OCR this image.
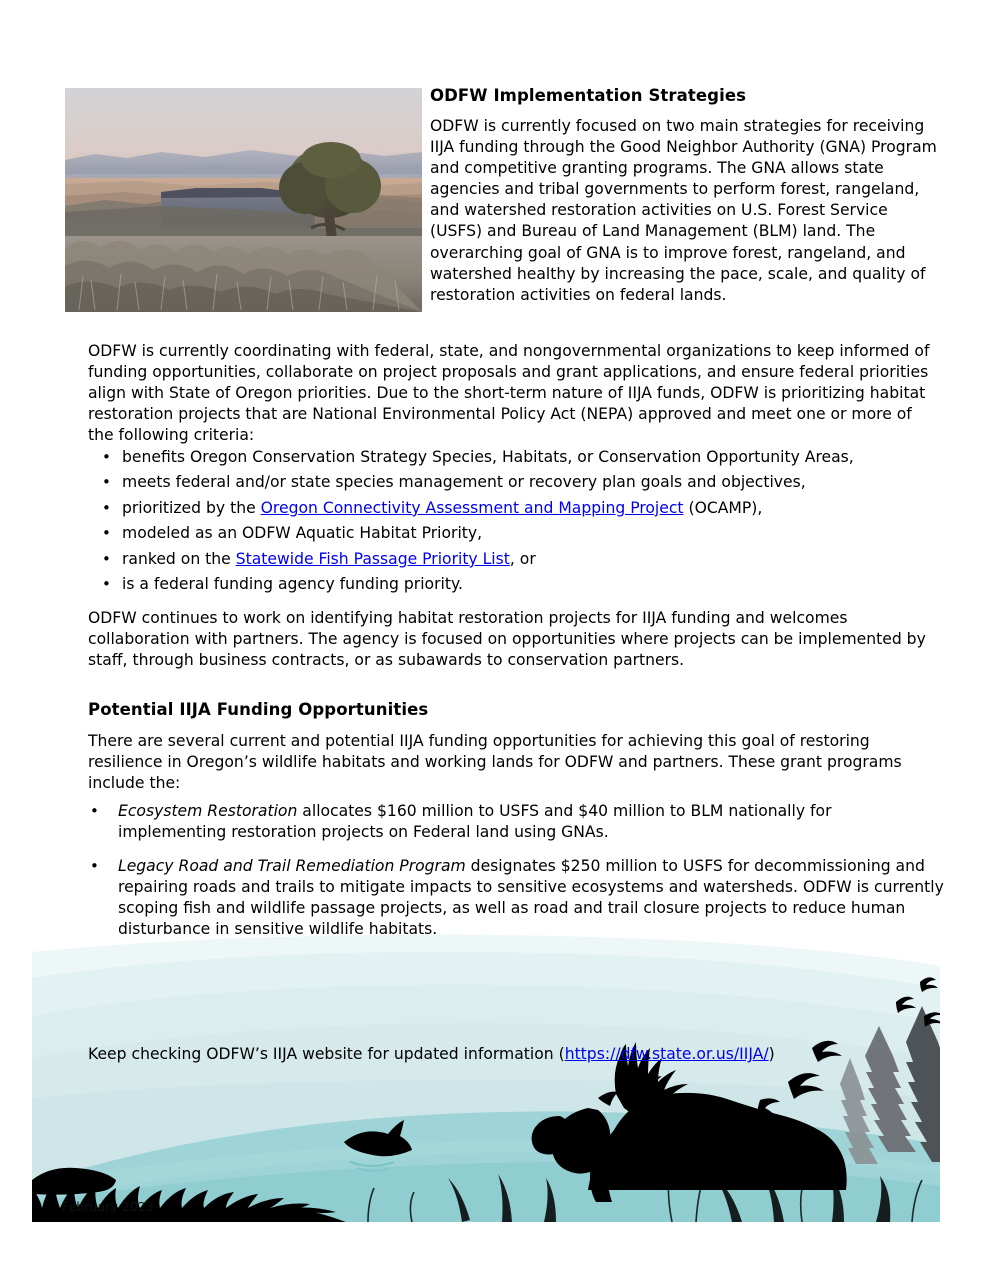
ODFW Implementation Strategies
ODFW is currently focused on two main strategies for receiving IIJA funding through the Good Neighbor Authority (GNA) Program and competitive granting programs. The GNA allows state agencies and tribal governments to perform forest, rangeland, and watershed restoration activities on U.S. Forest Service (USFS) and Bureau of Land Management (BLM) land. The overarching goal of GNA is to improve forest, rangeland, and watershed healthy by increasing the pace, scale, and quality of restoration activities on federal lands.
ODFW is currently coordinating with federal, state, and nongovernmental organizations to keep informed of funding opportunities, collaborate on project proposals and grant applications, and ensure federal priorities align with State of Oregon priorities. Due to the short-term nature of IIJA funds, ODFW is prioritizing habitat restoration projects that are National Environmental Policy Act (NEPA) approved and meet one or more of the following criteria:
• benefits Oregon Conservation Strategy Species, Habitats, or Conservation Opportunity Areas,
• meets federal and/or state species management or recovery plan goals and objectives,
• prioritized by the Oregon Connectivity Assessment and Mapping Project (OCAMP),
• modeled as an ODFW Aquatic Habitat Priority,
• ranked on the Statewide Fish Passage Priority List, or
• is a federal funding agency funding priority.
ODFW continues to work on identifying habitat restoration projects for IIJA funding and welcomes collaboration with partners. The agency is focused on opportunities where projects can be implemented by staff, through business contracts, or as subawards to conservation partners.
Potential IIJA Funding Opportunities
There are several current and potential IIJA funding opportunities for achieving this goal of restoring resilience in Oregon’s wildlife habitats and working lands for ODFW and partners. These grant programs include the:
• Ecosystem Restoration allocates $160 million to USFS and $40 million to BLM nationally for implementing restoration projects on Federal land using GNAs.
• Legacy Road and Trail Remediation Program designates $250 million to USFS for decommissioning and repairing roads and trails to mitigate impacts to sensitive ecosystems and watersheds. ODFW is currently scoping fish and wildlife passage projects, as well as road and trail closure projects to reduce human disturbance in sensitive wildlife habitats.
•
Keep checking ODFW’s IIJA website for updated information (https://dfw.state.or.us/IIJA/)
February 2023
